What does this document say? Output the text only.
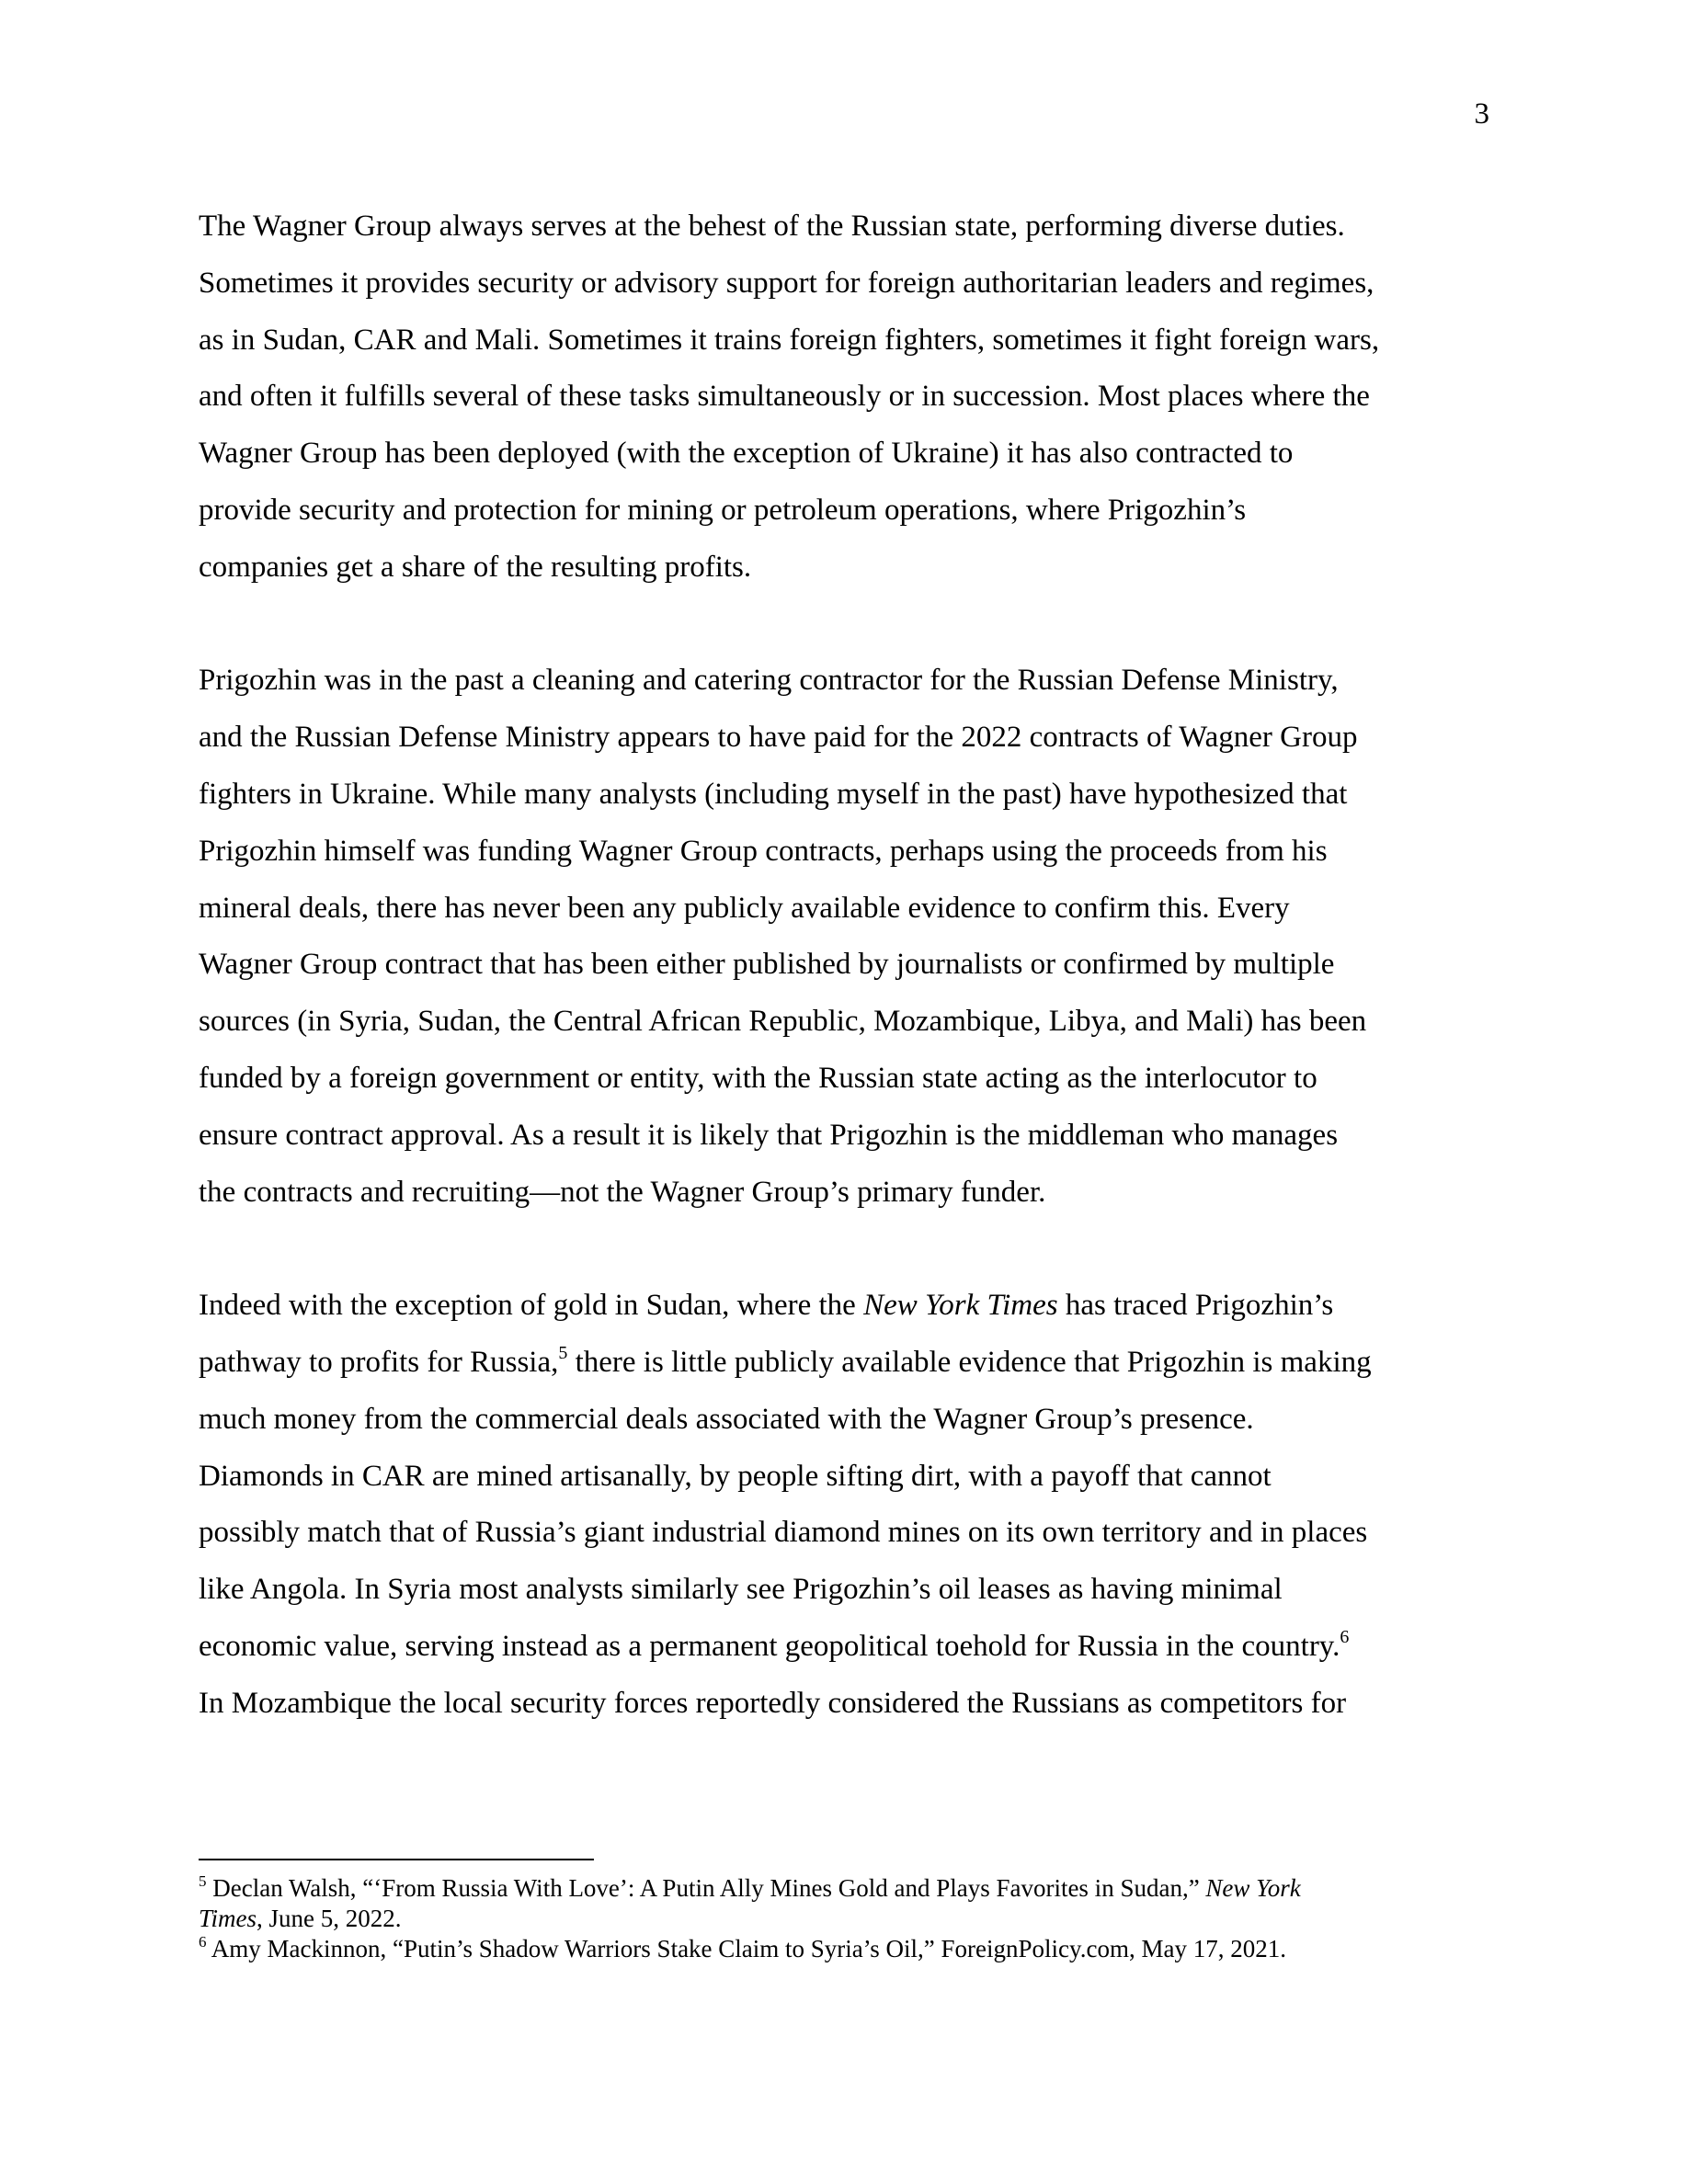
3

The Wagner Group always serves at the behest of the Russian state, performing diverse duties.
Sometimes it provides security or advisory support for foreign authoritarian leaders and regimes,
as in Sudan, CAR and Mali. Sometimes it trains foreign fighters, sometimes it fight foreign wars,
and often it fulfills several of these tasks simultaneously or in succession. Most places where the
Wagner Group has been deployed (with the exception of Ukraine) it has also contracted to
provide security and protection for mining or petroleum operations, where Prigozhin’s
companies get a share of the resulting profits.

Prigozhin was in the past a cleaning and catering contractor for the Russian Defense Ministry,
and the Russian Defense Ministry appears to have paid for the 2022 contracts of Wagner Group
fighters in Ukraine. While many analysts (including myself in the past) have hypothesized that
Prigozhin himself was funding Wagner Group contracts, perhaps using the proceeds from his
mineral deals, there has never been any publicly available evidence to confirm this. Every
Wagner Group contract that has been either published by journalists or confirmed by multiple
sources (in Syria, Sudan, the Central African Republic, Mozambique, Libya, and Mali) has been
funded by a foreign government or entity, with the Russian state acting as the interlocutor to
ensure contract approval. As a result it is likely that Prigozhin is the middleman who manages
the contracts and recruiting—not the Wagner Group’s primary funder.

Indeed with the exception of gold in Sudan, where the New York Times has traced Prigozhin’s
pathway to profits for Russia,$^5$ there is little publicly available evidence that Prigozhin is making
much money from the commercial deals associated with the Wagner Group’s presence.
Diamonds in CAR are mined artisanally, by people sifting dirt, with a payoff that cannot
possibly match that of Russia’s giant industrial diamond mines on its own territory and in places
like Angola. In Syria most analysts similarly see Prigozhin’s oil leases as having minimal
economic value, serving instead as a permanent geopolitical toehold for Russia in the country.$^6$
In Mozambique the local security forces reportedly considered the Russians as competitors for

$^5$ Declan Walsh, “‘From Russia With Love’: A Putin Ally Mines Gold and Plays Favorites in Sudan,” New York
Times, June 5, 2022.
$^6$ Amy Mackinnon, “Putin’s Shadow Warriors Stake Claim to Syria’s Oil,” ForeignPolicy.com, May 17, 2021.
